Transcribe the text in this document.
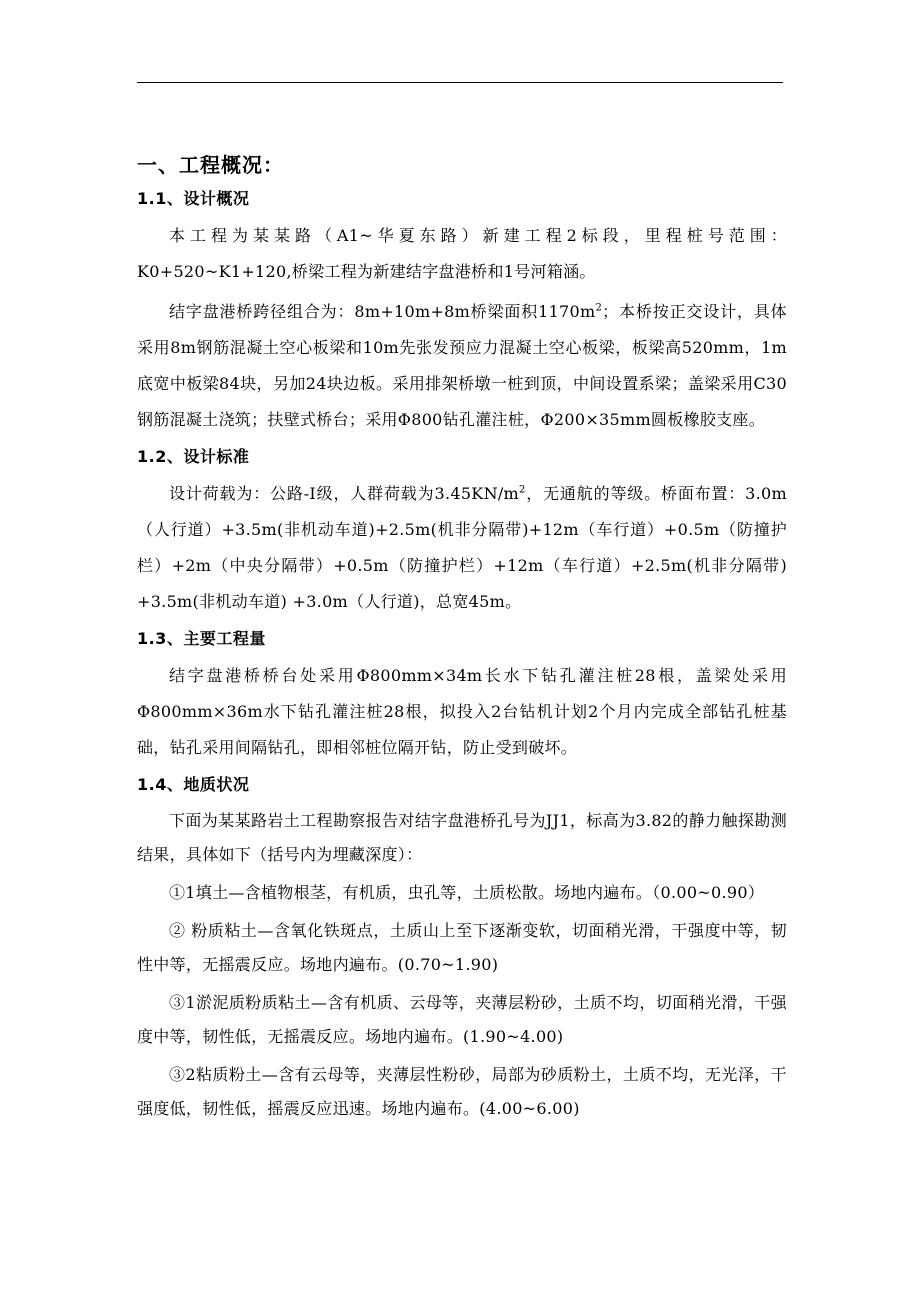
一、工程概况：
1.1、设计概况

本工程为某某路（A1~华夏东路）新建工程2标段，里程桩号范围：K0+520~K1+120,桥梁工程为新建结字盘港桥和1号河箱涵。

结字盘港桥跨径组合为：8m+10m+8m桥梁面积$1170m^2$；本桥按正交设计，具体采用8m钢筋混凝土空心板梁和10m先张发预应力混凝土空心板梁，板梁高520mm，1m底宽中板梁84块，另加24块边板。采用排架桥墩一桩到顶，中间设置系梁；盖梁采用C30钢筋混凝土浇筑；扶壁式桥台；采用Φ800钻孔灌注桩，Φ200×35mm圆板橡胶支座。

1.2、设计标准

设计荷载为：公路-I级，人群荷载为$3.45KN/m^2$，无通航的等级。桥面布置：3.0m（人行道）+3.5m(非机动车道)+2.5m(机非分隔带)+12m（车行道）+0.5m（防撞护栏）+2m（中央分隔带）+0.5m（防撞护栏）+12m（车行道）+2.5m(机非分隔带) +3.5m(非机动车道) +3.0m（人行道)，总宽45m。

1.3、主要工程量

结字盘港桥桥台处采用Φ800mm×34m长水下钻孔灌注桩28根，盖梁处采用Φ800mm×36m水下钻孔灌注桩28根，拟投入2台钻机计划2个月内完成全部钻孔桩基础，钻孔采用间隔钻孔，即相邻桩位隔开钻，防止受到破坏。

1.4、地质状况

下面为某某路岩土工程勘察报告对结字盘港桥孔号为JJ1，标高为3.82的静力触探勘测结果，具体如下（括号内为埋藏深度）：

①1填土—含植物根茎，有机质，虫孔等，土质松散。场地内遍布。（0.00~0.90）

② 粉质粘土—含氧化铁斑点，土质山上至下逐渐变软，切面稍光滑，干强度中等，韧性中等，无摇震反应。场地内遍布。(0.70~1.90)

③1淤泥质粉质粘土—含有机质、云母等，夹薄层粉砂，土质不均，切面稍光滑，干强度中等，韧性低，无摇震反应。场地内遍布。(1.90~4.00)

③2粘质粉土—含有云母等，夹薄层性粉砂，局部为砂质粉土，土质不均，无光泽，干强度低，韧性低，摇震反应迅速。场地内遍布。(4.00~6.00)
